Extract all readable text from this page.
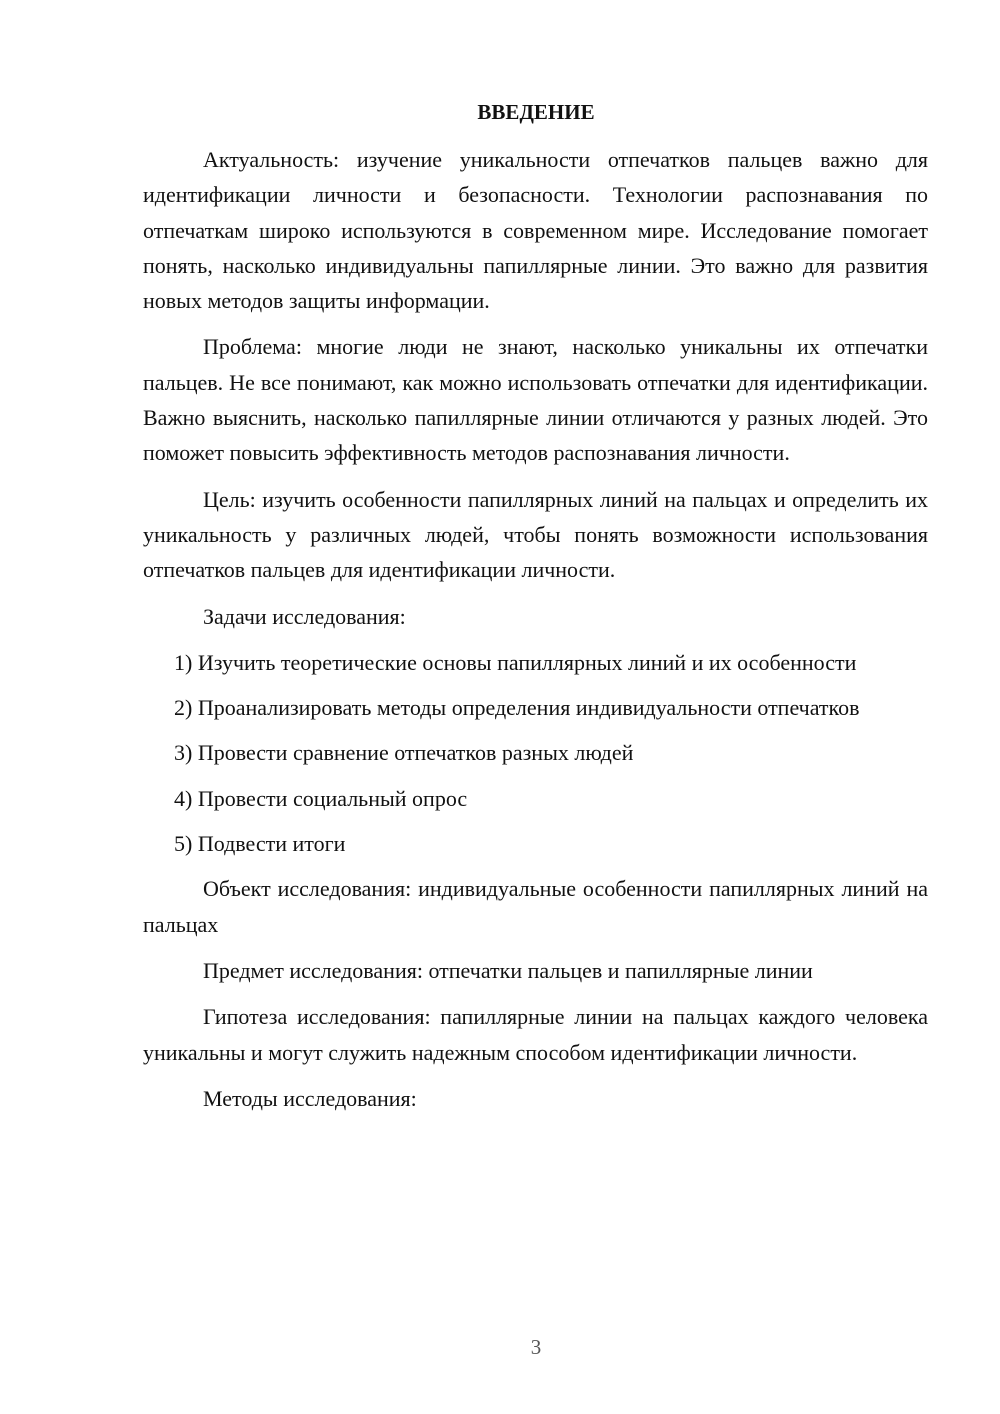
ВВЕДЕНИЕ

Актуальность: изучение уникальности отпечатков пальцев важно для идентификации личности и безопасности. Технологии распознавания по отпечаткам широко используются в современном мире. Исследование помогает понять, насколько индивидуальны папиллярные линии. Это важно для развития новых методов защиты информации.

Проблема: многие люди не знают, насколько уникальны их отпечатки пальцев. Не все понимают, как можно использовать отпечатки для идентификации. Важно выяснить, насколько папиллярные линии отличаются у разных людей. Это поможет повысить эффективность методов распознавания личности.

Цель: изучить особенности папиллярных линий на пальцах и определить их уникальность у различных людей, чтобы понять возможности использования отпечатков пальцев для идентификации личности.

Задачи исследования:

1) Изучить теоретические основы папиллярных линий и их особенности

2) Проанализировать методы определения индивидуальности отпечатков

3) Провести сравнение отпечатков разных людей

4) Провести социальный опрос

5) Подвести итоги

Объект исследования: индивидуальные особенности папиллярных линий на пальцах

Предмет исследования: отпечатки пальцев и папиллярные линии

Гипотеза исследования: папиллярные линии на пальцах каждого человека уникальны и могут служить надежным способом идентификации личности.

Методы исследования:

3
